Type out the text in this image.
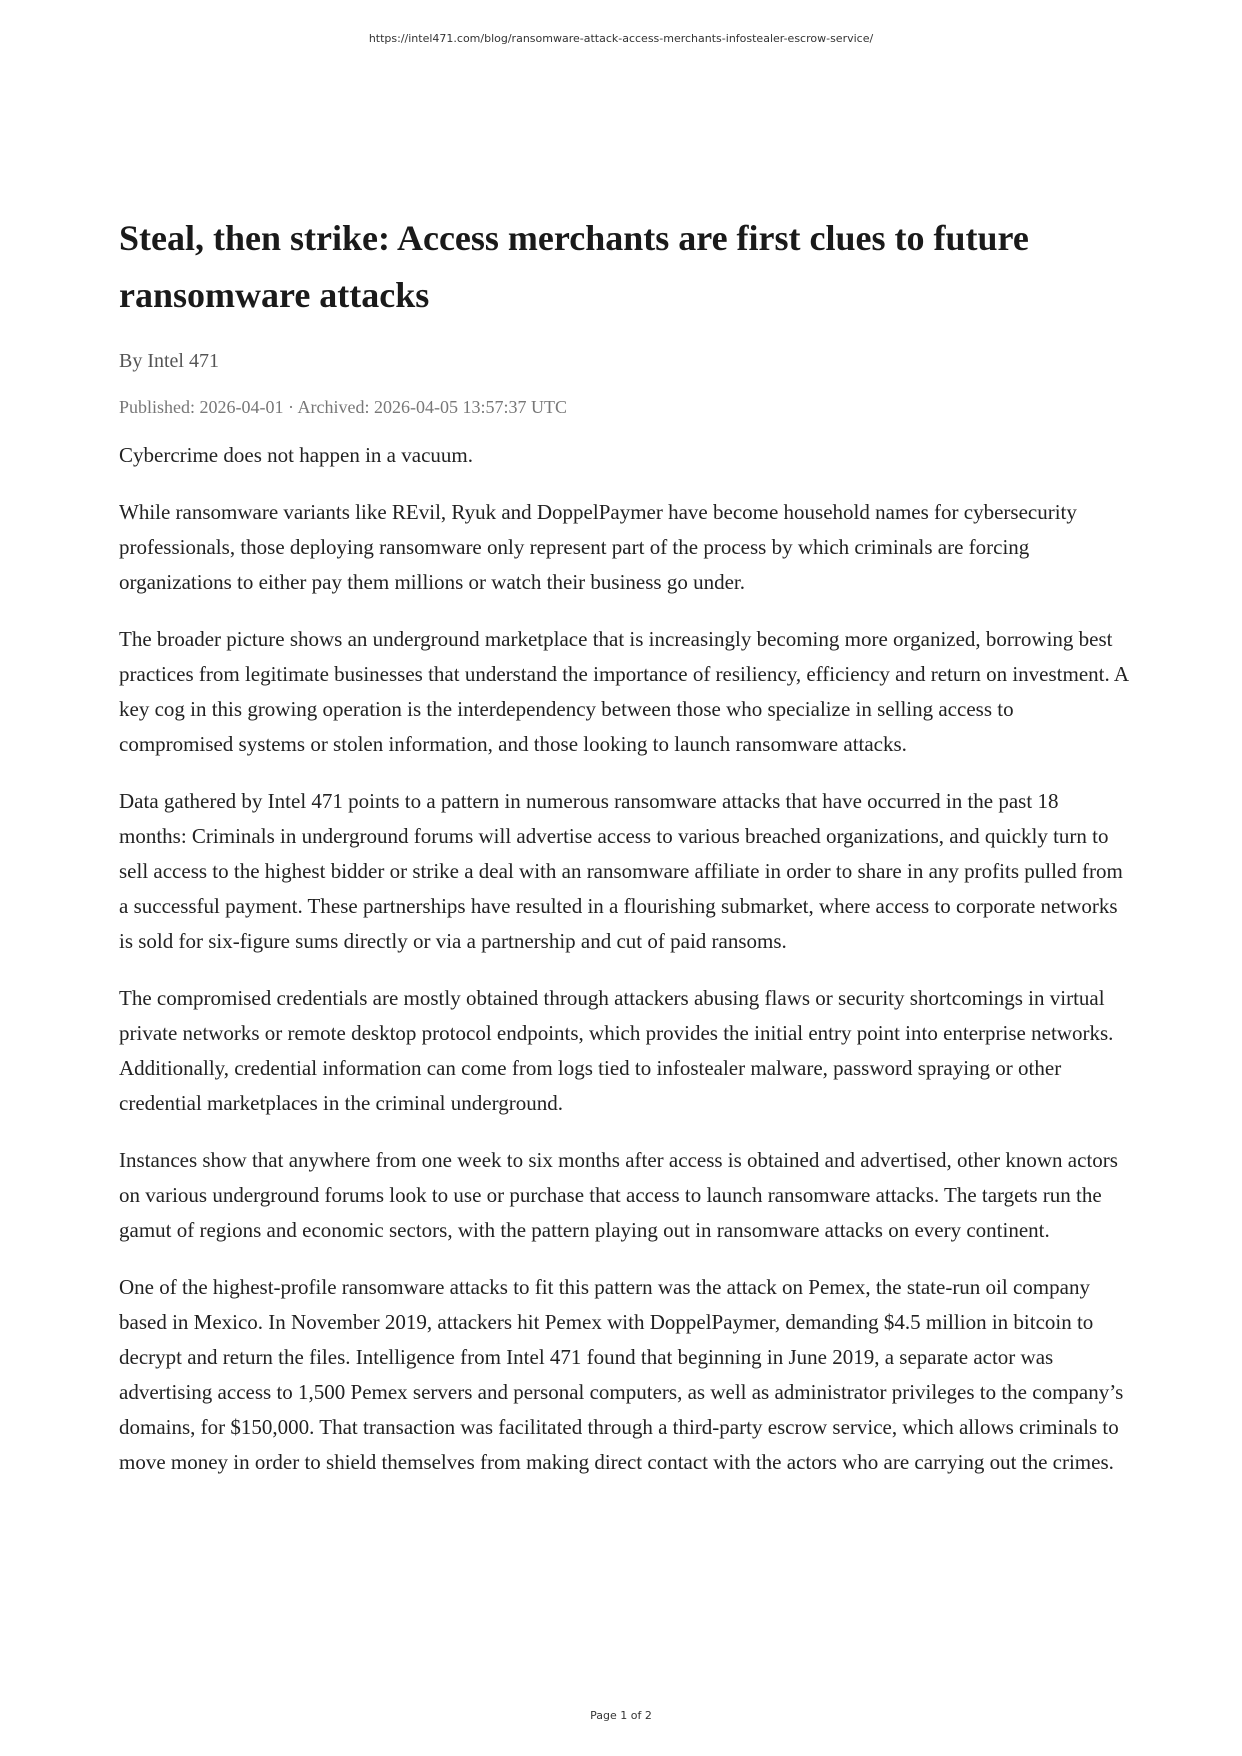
https://intel471.com/blog/ransomware-attack-access-merchants-infostealer-escrow-service/
Steal, then strike: Access merchants are first clues to future ransomware attacks
By Intel 471
Published: 2026-04-01 · Archived: 2026-04-05 13:57:37 UTC

Cybercrime does not happen in a vacuum.

While ransomware variants like REvil, Ryuk and DoppelPaymer have become household names for cybersecurity professionals, those deploying ransomware only represent part of the process by which criminals are forcing organizations to either pay them millions or watch their business go under.

The broader picture shows an underground marketplace that is increasingly becoming more organized, borrowing best practices from legitimate businesses that understand the importance of resiliency, efficiency and return on investment. A key cog in this growing operation is the interdependency between those who specialize in selling access to compromised systems or stolen information, and those looking to launch ransomware attacks.

Data gathered by Intel 471 points to a pattern in numerous ransomware attacks that have occurred in the past 18 months: Criminals in underground forums will advertise access to various breached organizations, and quickly turn to sell access to the highest bidder or strike a deal with an ransomware affiliate in order to share in any profits pulled from a successful payment. These partnerships have resulted in a flourishing submarket, where access to corporate networks is sold for six-figure sums directly or via a partnership and cut of paid ransoms.

The compromised credentials are mostly obtained through attackers abusing flaws or security shortcomings in virtual private networks or remote desktop protocol endpoints, which provides the initial entry point into enterprise networks. Additionally, credential information can come from logs tied to infostealer malware, password spraying or other credential marketplaces in the criminal underground.

Instances show that anywhere from one week to six months after access is obtained and advertised, other known actors on various underground forums look to use or purchase that access to launch ransomware attacks. The targets run the gamut of regions and economic sectors, with the pattern playing out in ransomware attacks on every continent.

One of the highest-profile ransomware attacks to fit this pattern was the attack on Pemex, the state-run oil company based in Mexico. In November 2019, attackers hit Pemex with DoppelPaymer, demanding $4.5 million in bitcoin to decrypt and return the files. Intelligence from Intel 471 found that beginning in June 2019, a separate actor was advertising access to 1,500 Pemex servers and personal computers, as well as administrator privileges to the company’s domains, for $150,000. That transaction was facilitated through a third-party escrow service, which allows criminals to move money in order to shield themselves from making direct contact with the actors who are carrying out the crimes.

Page 1 of 2
